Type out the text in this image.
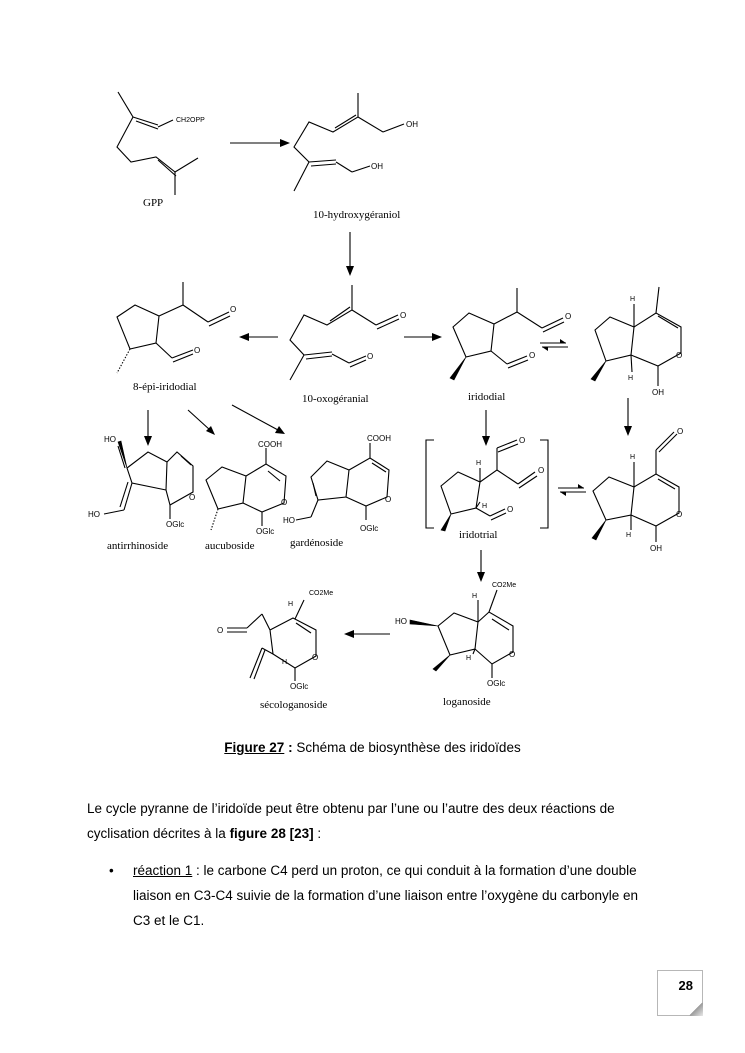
CH2OPP
GPP
OH
OH
10-hydroxygéraniol
O
O
8-épi-iridodial
O
O
10-oxogéranial
O
O
iridodial
H
H
O
OH
HO
HO
O
OGlc
antirrhinoside
COOH
O
OGlc
aucuboside
COOH
HO
O
OGlc
gardénoside
O
O
O
H
H
iridotrial
O
H
H
O
OH
CO2Me
H
HO
H	O
OGlc
loganoside
CO2Me
H
O
H
O
OGlc
sécologanoside
Figure 27 : Schéma de biosynthèse des iridoïdes
Le cycle pyranne de l’iridoïde peut être obtenu par l’une ou l’autre des deux réactions de cyclisation décrites à la figure 28 [23] :
• réaction 1 : le carbone C4 perd un proton, ce qui conduit à la formation d’une double liaison en C3-C4 suivie de la formation d’une liaison entre l’oxygène du carbonyle en C3 et le C1.
28
